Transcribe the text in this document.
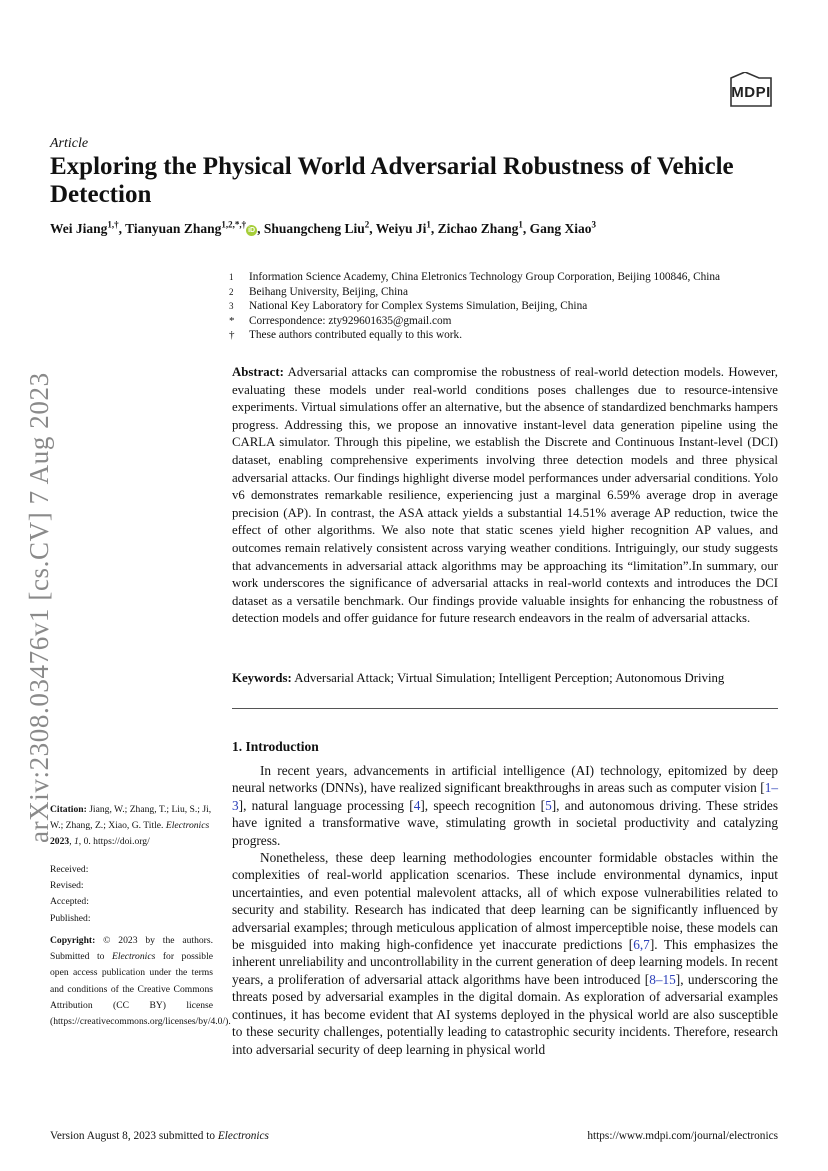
MDPI
Article
Exploring the Physical World Adversarial Robustness of Vehicle Detection
Wei Jiang$^{1,\dagger}$, Tianyuan Zhang$^{1,2,*,\dagger}$iD , Shuangcheng Liu$^2$, Weiyu Ji$^1$, Zichao Zhang$^1$, Gang Xiao$^3$
1	Information Science Academy, China Eletronics Technology Group Corporation, Beijing 100846, China
2	Beihang University, Beijing, China
3	National Key Laboratory for Complex Systems Simulation, Beijing, China
*	Correspondence: zty929601635@gmail.com
†	These authors contributed equally to this work.

Abstract: Adversarial attacks can compromise the robustness of real-world detection models. However, evaluating these models under real-world conditions poses challenges due to resource-intensive experiments. Virtual simulations offer an alternative, but the absence of standardized benchmarks hampers progress. Addressing this, we propose an innovative instant-level data generation pipeline using the CARLA simulator. Through this pipeline, we establish the Discrete and Continuous Instant-level (DCI) dataset, enabling comprehensive experiments involving three detection models and three physical adversarial attacks. Our findings highlight diverse model performances under adversarial conditions. Yolo v6 demonstrates remarkable resilience, experiencing just a marginal 6.59% average drop in average precision (AP). In contrast, the ASA attack yields a substantial 14.51% average AP reduction, twice the effect of other algorithms. We also note that static scenes yield higher recognition AP values, and outcomes remain relatively consistent across varying weather conditions. Intriguingly, our study suggests that advancements in adversarial attack algorithms may be approaching its “limitation”.In summary, our work underscores the significance of adversarial attacks in real-world contexts and introduces the DCI dataset as a versatile benchmark. Our findings provide valuable insights for enhancing the robustness of detection models and offer guidance for future research endeavors in the realm of adversarial attacks.

Keywords: Adversarial Attack; Virtual Simulation; Intelligent Perception; Autonomous Driving
1. Introduction

In recent years, advancements in artificial intelligence (AI) technology, epitomized by deep neural networks (DNNs), have realized significant breakthroughs in areas such as computer vision [1–3], natural language processing [4], speech recognition [5], and autonomous driving. These strides have ignited a transformative wave, stimulating growth in societal productivity and catalyzing progress.

Nonetheless, these deep learning methodologies encounter formidable obstacles within the complexities of real-world application scenarios. These include environmental dynamics, input uncertainties, and even potential malevolent attacks, all of which expose vulnerabilities related to security and stability. Research has indicated that deep learning can be significantly influenced by adversarial examples; through meticulous application of almost imperceptible noise, these models can be misguided into making high-confidence yet inaccurate predictions [6,7]. This emphasizes the inherent unreliability and uncontrollability in the current generation of deep learning models. In recent years, a proliferation of adversarial attack algorithms have been introduced [8–15], underscoring the threats posed by adversarial examples in the digital domain. As exploration of adversarial examples continues, it has become evident that AI systems deployed in the physical world are also susceptible to these security challenges, potentially leading to catastrophic security incidents. Therefore, research into adversarial security of deep learning in physical world

Citation: Jiang, W.; Zhang, T.; Liu, S.; Ji, W.; Zhang, Z.; Xiao, G. Title. Electronics 2023, 1, 0. https://doi.org/
Received:
Revised:
Accepted:
Published:
Copyright: © 2023 by the authors. Submitted to Electronics for possible open access publication under the terms and conditions of the Creative Commons Attribution (CC BY) license (https://creativecommons.org/licenses/by/4.0/).
arXiv:2308.03476v1 [cs.CV] 7 Aug 2023
Version August 8, 2023 submitted to Electronics	https://www.mdpi.com/journal/electronics
